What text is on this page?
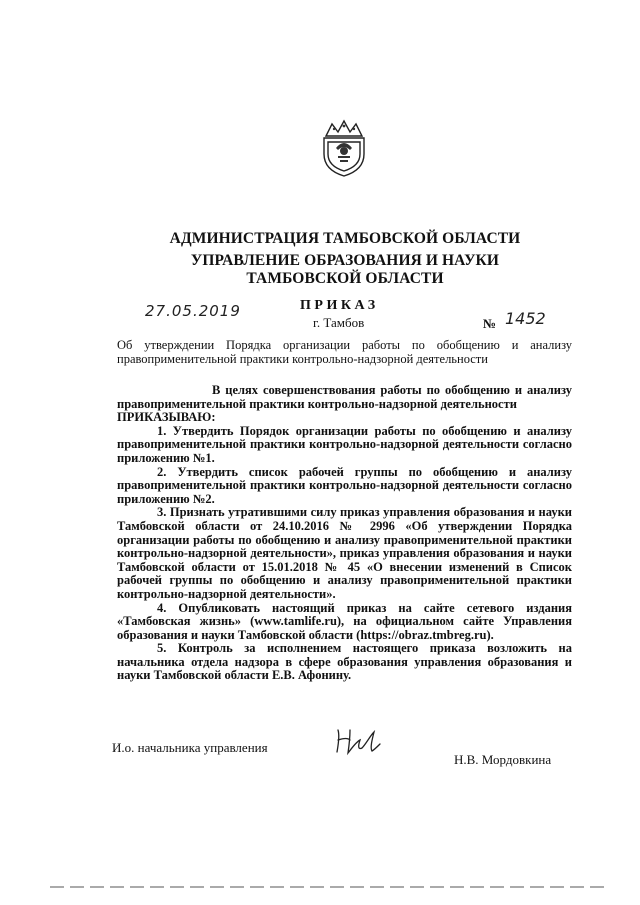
АДМИНИСТРАЦИЯ ТАМБОВСКОЙ ОБЛАСТИ
УПРАВЛЕНИЕ ОБРАЗОВАНИЯ И НАУКИ
ТАМБОВСКОЙ ОБЛАСТИ
27.05.2019	ПРИКАЗ
г. Тамбов	№ 1452
Об утверждении Порядка организации работы по обобщению и анализу правоприменительной практики контрольно-надзорной деятельности

В целях совершенствования работы по обобщению и анализу правоприменительной практики контрольно-надзорной деятельности
ПРИКАЗЫВАЮ:

1. Утвердить Порядок организации работы по обобщению и анализу правоприменительной практики контрольно-надзорной деятельности согласно приложению №1.

2. Утвердить список рабочей группы по обобщению и анализу правоприменительной практики контрольно-надзорной деятельности согласно приложению №2.

3. Признать утратившими силу приказ управления образования и науки Тамбовской области от 24.10.2016 № 2996 «Об утверждении Порядка организации работы по обобщению и анализу правоприменительной практики контрольно-надзорной деятельности», приказ управления образования и науки Тамбовской области от 15.01.2018 № 45 «О внесении изменений в Список рабочей группы по обобщению и анализу правоприменительной практики контрольно-надзорной деятельности».

4. Опубликовать настоящий приказ на сайте сетевого издания «Тамбовская жизнь» (www.tamlife.ru), на официальном сайте Управления образования и науки Тамбовской области (https://obraz.tmbreg.ru).

5. Контроль за исполнением настоящего приказа возложить на начальника отдела надзора в сфере образования управления образования и науки Тамбовской области Е.В. Афонину.

И.о. начальника управления
Н.В. Мордовкина
